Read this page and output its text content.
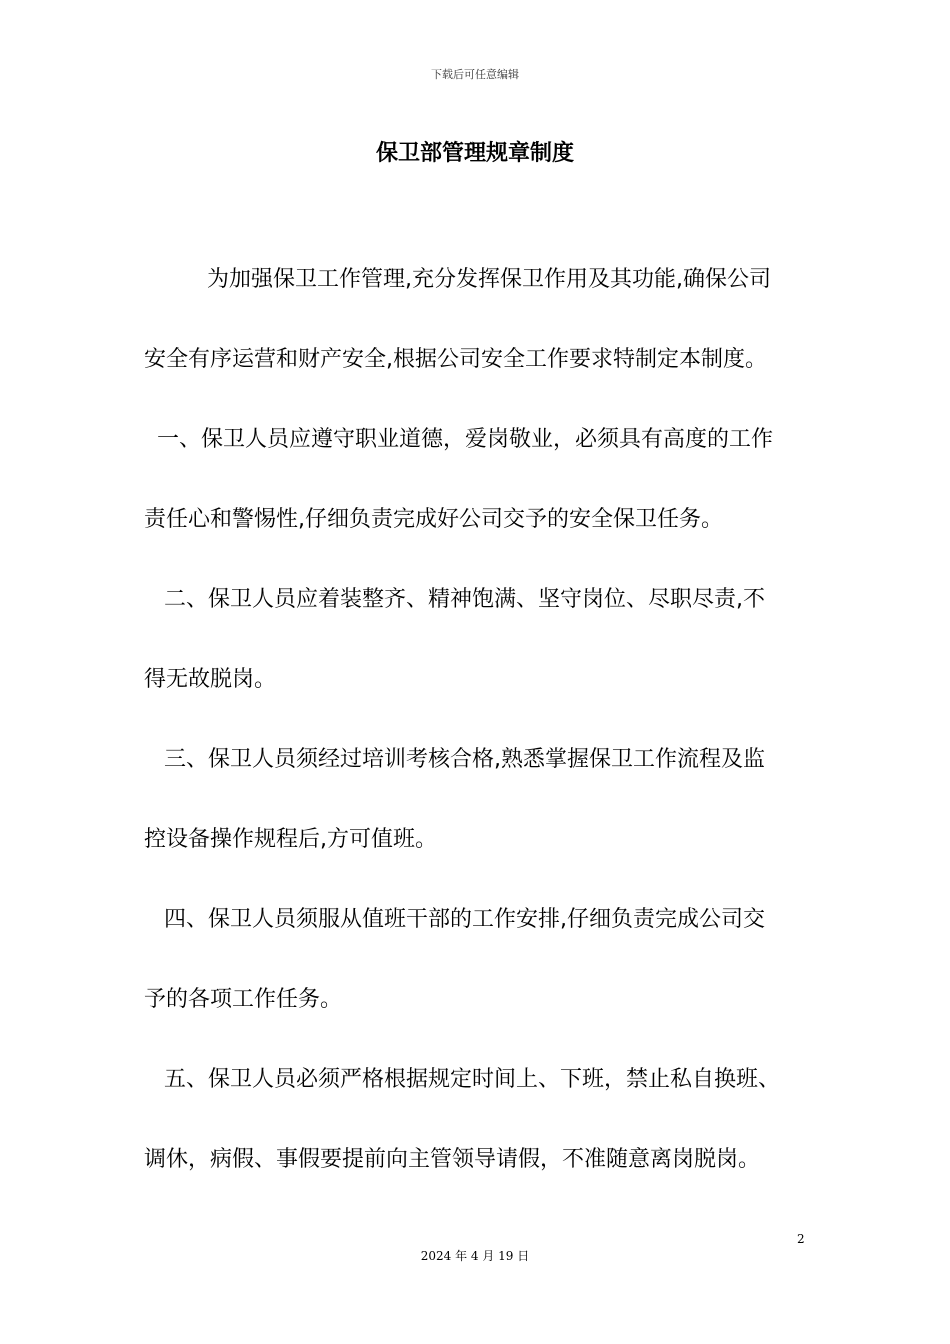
下载后可任意编辑
保卫部管理规章制度
为加强保卫工作管理,充分发挥保卫作用及其功能,确保公司
安全有序运营和财产安全,根据公司安全工作要求特制定本制度。
一、保卫人员应遵守职业道德，爱岗敬业，必须具有高度的工作
责任心和警惕性,仔细负责完成好公司交予的安全保卫任务。
二、保卫人员应着装整齐、精神饱满、坚守岗位、尽职尽责,不
得无故脱岗。
三、保卫人员须经过培训考核合格,熟悉掌握保卫工作流程及监
控设备操作规程后,方可值班。
四、保卫人员须服从值班干部的工作安排,仔细负责完成公司交
予的各项工作任务。
五、保卫人员必须严格根据规定时间上、下班，禁止私自换班、
调休，病假、事假要提前向主管领导请假，不准随意离岗脱岗。
2
2024 年 4 月 19 日
